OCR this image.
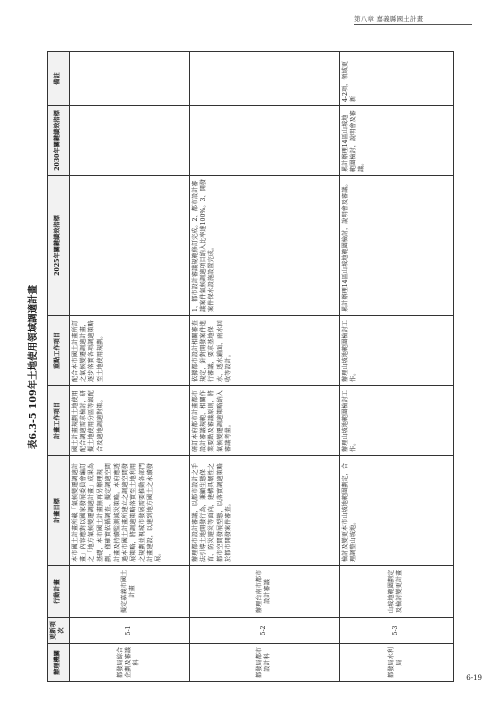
第八章 嘉義縣國土計畫
表6.3-5 109年土地使用領域調適計畫
辦理機關	更新項次	行動計畫	計畫目標	計畫工作項目	重點工作項目	2025年關鍵績效指標	2030年關鍵績效指標	備註
都發局綜合企劃及審議科	5-1	擬定嘉義市國土計畫	本市國土計畫所載「氣候變遷調適計畫」內容應對以國家發展委員會編訂之「地方氣候變遷調適計畫」成果為基礎，本市國土計畫無再另辦理規劃，僅確實依循調查、擬定調適空間計畫及持續監測減災策略。本府應透過本市國土計畫所建立之調適空間發展策略，將調適策略落實至土地利用之規劃並視城市發展需要推動各部門計畫建設，以達到地方國土之永續發展。	國土計畫規劃土地使用配合調適需求檢討，研擬土地使用分區等級配合及適地調適對策。	配合本市國土計畫所訂之氣候變遷調適計畫，逐步落實各項調適策略至土地使用規劃。			
都發局都市設計科	5-2	辦理台南市都市設計審議	辦理都市設計審議，以都市設計之手法引導土地開發行為，兼顧生態保育、防災避災等面向，建構具韌性之都市空間發展型態，以落實調適策略於都市開發案件審查。	研訂本府都市計畫都市設計審議規範、相關作業要點及審議原則，將氣候變遷調適策略納入審議考量。	依據都市設計相關審查規定，針對開發案件進行審議，要求基地保水、透水鋪面、雨水回收等設計。	1、都市設計審議規範修訂完成。2、都市設計審議案件氣候調適項目納入比率達100%。3、開發案件保水設施設置完成。		
都發局水利局	5-3	山坡地範圍劃定及檢討變更計畫	檢討及變更本市山坡地範圍劃定，合理調整山坡地。	辦理山坡地範圍檢討工作。	辦理山坡地範圍檢討工作。	累計辦理14區山坡地範圍檢討，說明會及審議。	累計辦理14區山坡地範圍檢討，說明會及審議。	4-2項，領域更新
6-19
